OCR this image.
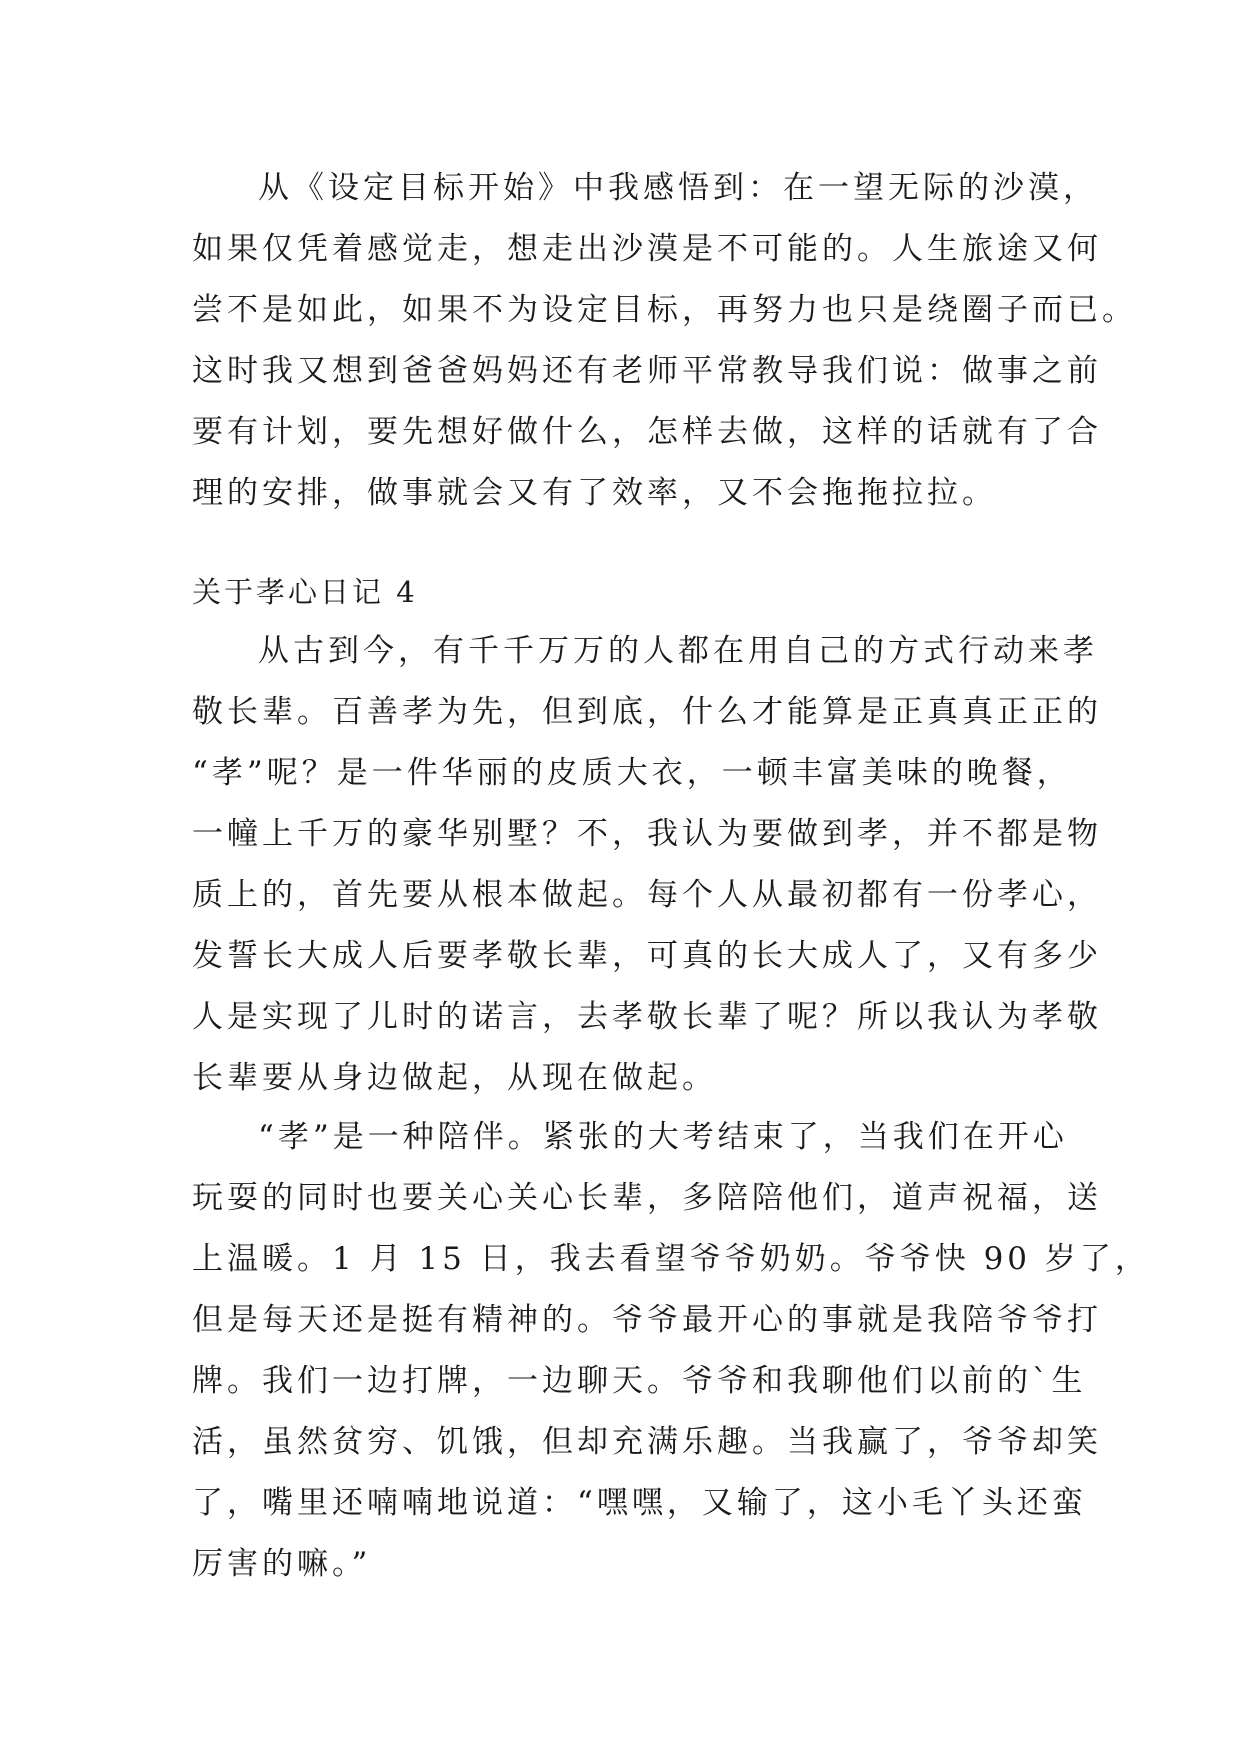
从《设定目标开始》中我感悟到：在一望无际的沙漠，
如果仅凭着感觉走，想走出沙漠是不可能的。人生旅途又何
尝不是如此，如果不为设定目标，再努力也只是绕圈子而已。
这时我又想到爸爸妈妈还有老师平常教导我们说：做事之前
要有计划，要先想好做什么，怎样去做，这样的话就有了合
理的安排，做事就会又有了效率，又不会拖拖拉拉。
关于孝心日记 4
从古到今，有千千万万的人都在用自己的方式行动来孝
敬长辈。百善孝为先，但到底，什么才能算是正真真正正的
“孝”呢？是一件华丽的皮质大衣，一顿丰富美味的晚餐，
一幢上千万的豪华别墅？不，我认为要做到孝，并不都是物
质上的，首先要从根本做起。每个人从最初都有一份孝心，
发誓长大成人后要孝敬长辈，可真的长大成人了，又有多少
人是实现了儿时的诺言，去孝敬长辈了呢？所以我认为孝敬
长辈要从身边做起，从现在做起。
“孝”是一种陪伴。紧张的大考结束了，当我们在开心
玩耍的同时也要关心关心长辈，多陪陪他们，道声祝福，送
上温暖。1 月 15 日，我去看望爷爷奶奶。爷爷快 90 岁了，
但是每天还是挺有精神的。爷爷最开心的事就是我陪爷爷打
牌。我们一边打牌，一边聊天。爷爷和我聊他们以前的`生
活，虽然贫穷、饥饿，但却充满乐趣。当我赢了，爷爷却笑
了，嘴里还喃喃地说道：“嘿嘿，又输了，这小毛丫头还蛮
厉害的嘛。”
